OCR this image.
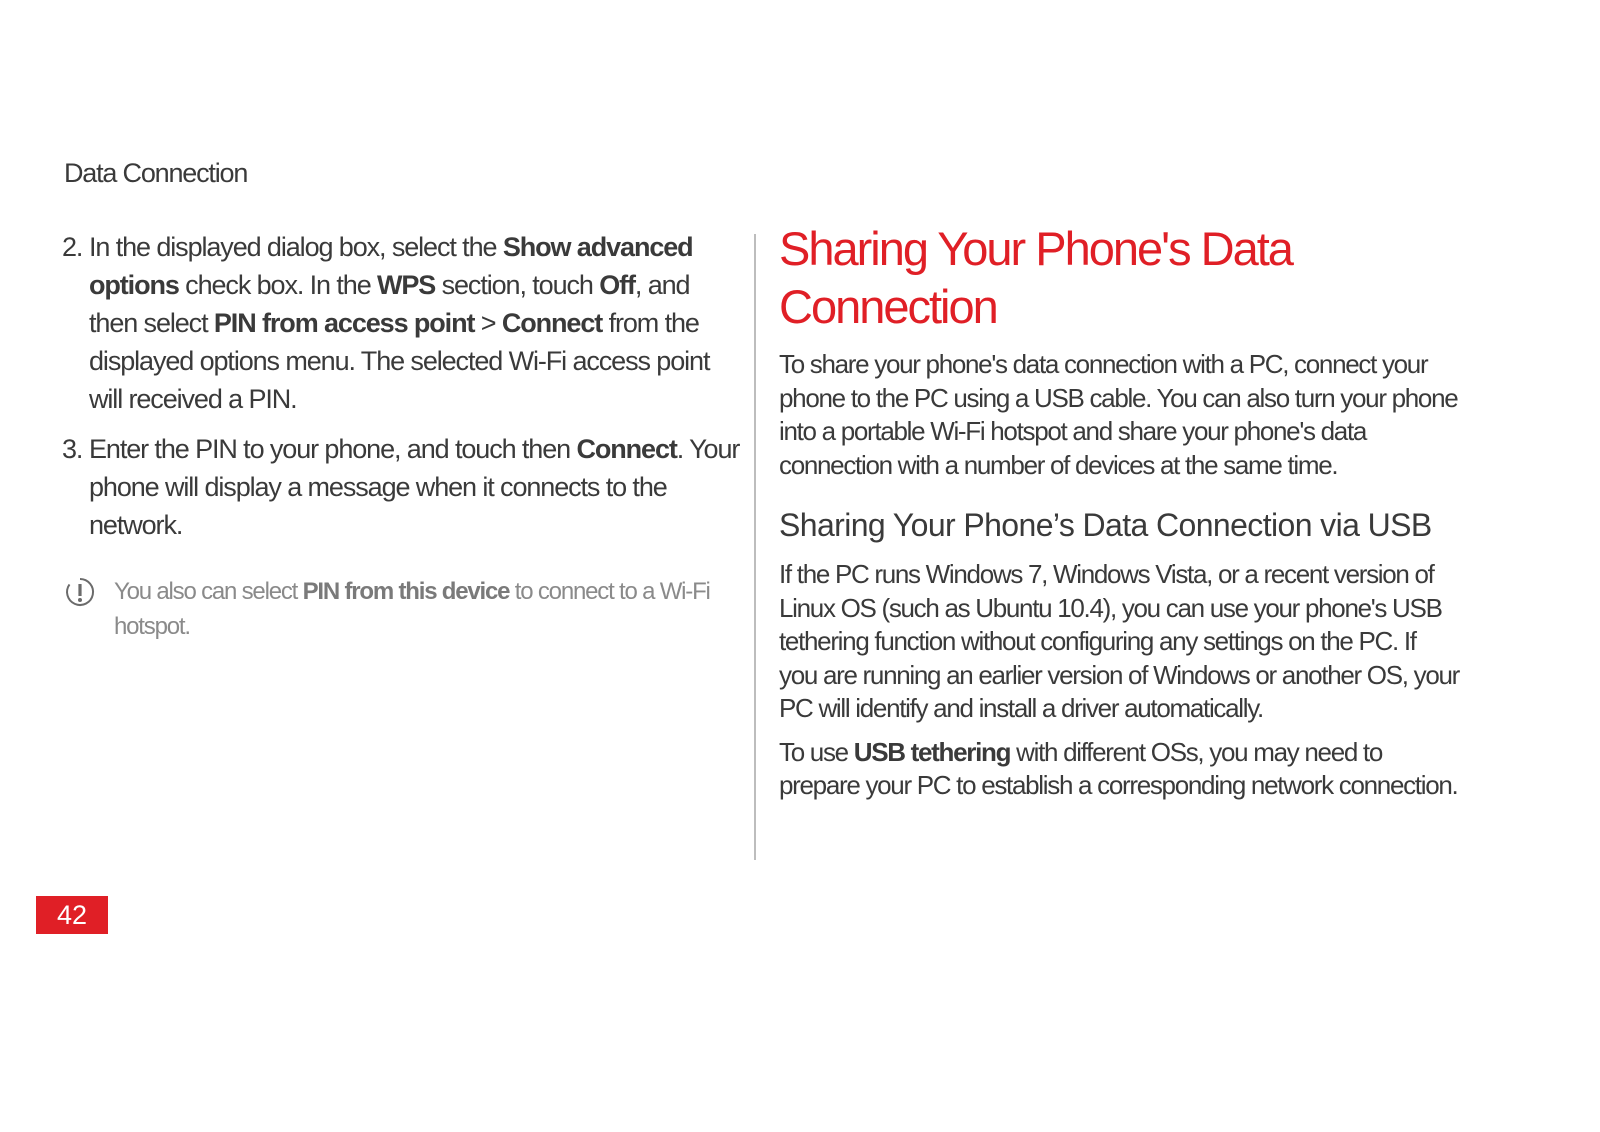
Data Connection
2. In the displayed dialog box, select the Show advanced options check box. In the WPS section, touch Off, and then select PIN from access point > Connect from the displayed options menu. The selected Wi-Fi access point will received a PIN.
3. Enter the PIN to your phone, and touch then Connect. Your phone will display a message when it connects to the network.
You also can select PIN from this device to connect to a Wi-Fi hotspot.
Sharing Your Phone's Data Connection

To share your phone's data connection with a PC, connect your phone to the PC using a USB cable. You can also turn your phone into a portable Wi-Fi hotspot and share your phone's data connection with a number of devices at the same time.

Sharing Your Phone’s Data Connection via USB

If the PC runs Windows 7, Windows Vista, or a recent version of Linux OS (such as Ubuntu 10.4), you can use your phone's USB tethering function without configuring any settings on the PC. If you are running an earlier version of Windows or another OS, your PC will identify and install a driver automatically.

To use USB tethering with different OSs, you may need to prepare your PC to establish a corresponding network connection.

42
